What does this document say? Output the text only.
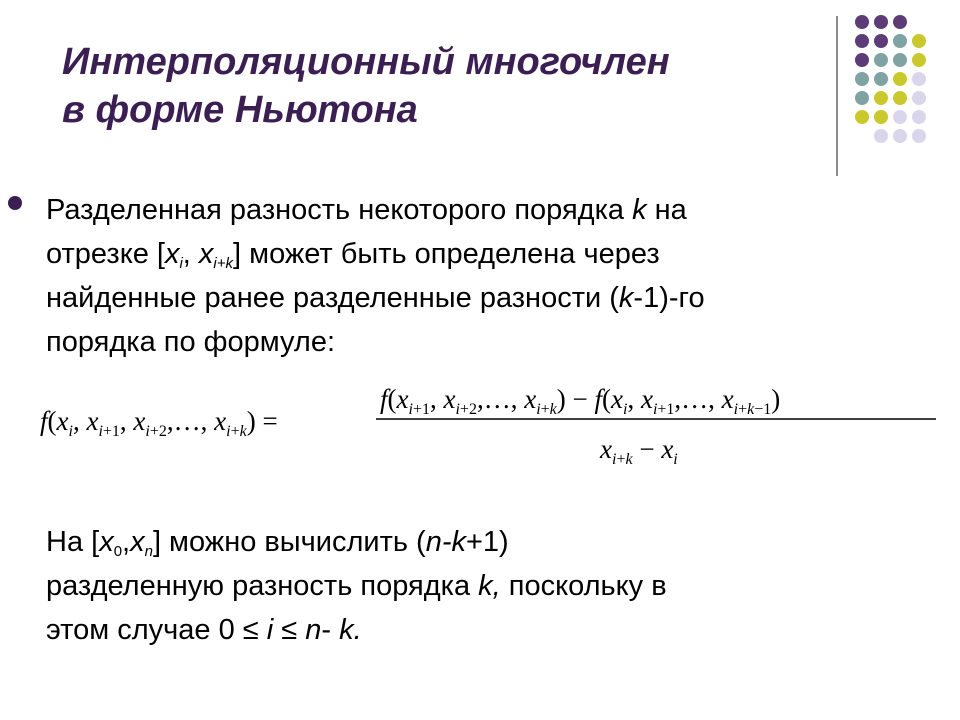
Интерполяционный многочлен
в форме Ньютона
Разделенная разность некоторого порядка k на
отрезке [$x_i$, $x_{i+k}$] может быть определена через
найденные ранее разделенные разности (k-1)-го
порядка по формуле:
$f(x_i$, $x_{i+1}$, $x_{i+2},\dots$, $x_{i+k}$) =
$f(x_{i+1}$, $x_{i+2},\dots$, $x_{i+k}) - f(x_i$, $x_{i+1},\dots$, $x_{i+k-1}$)
$x_{i+k} - x_i$
На $[x_0,x_n]$ можно вычислить (n-k+1)
разделенную разность порядка k, поскольку в
этом случае 0 ≤ i ≤ n- k.
